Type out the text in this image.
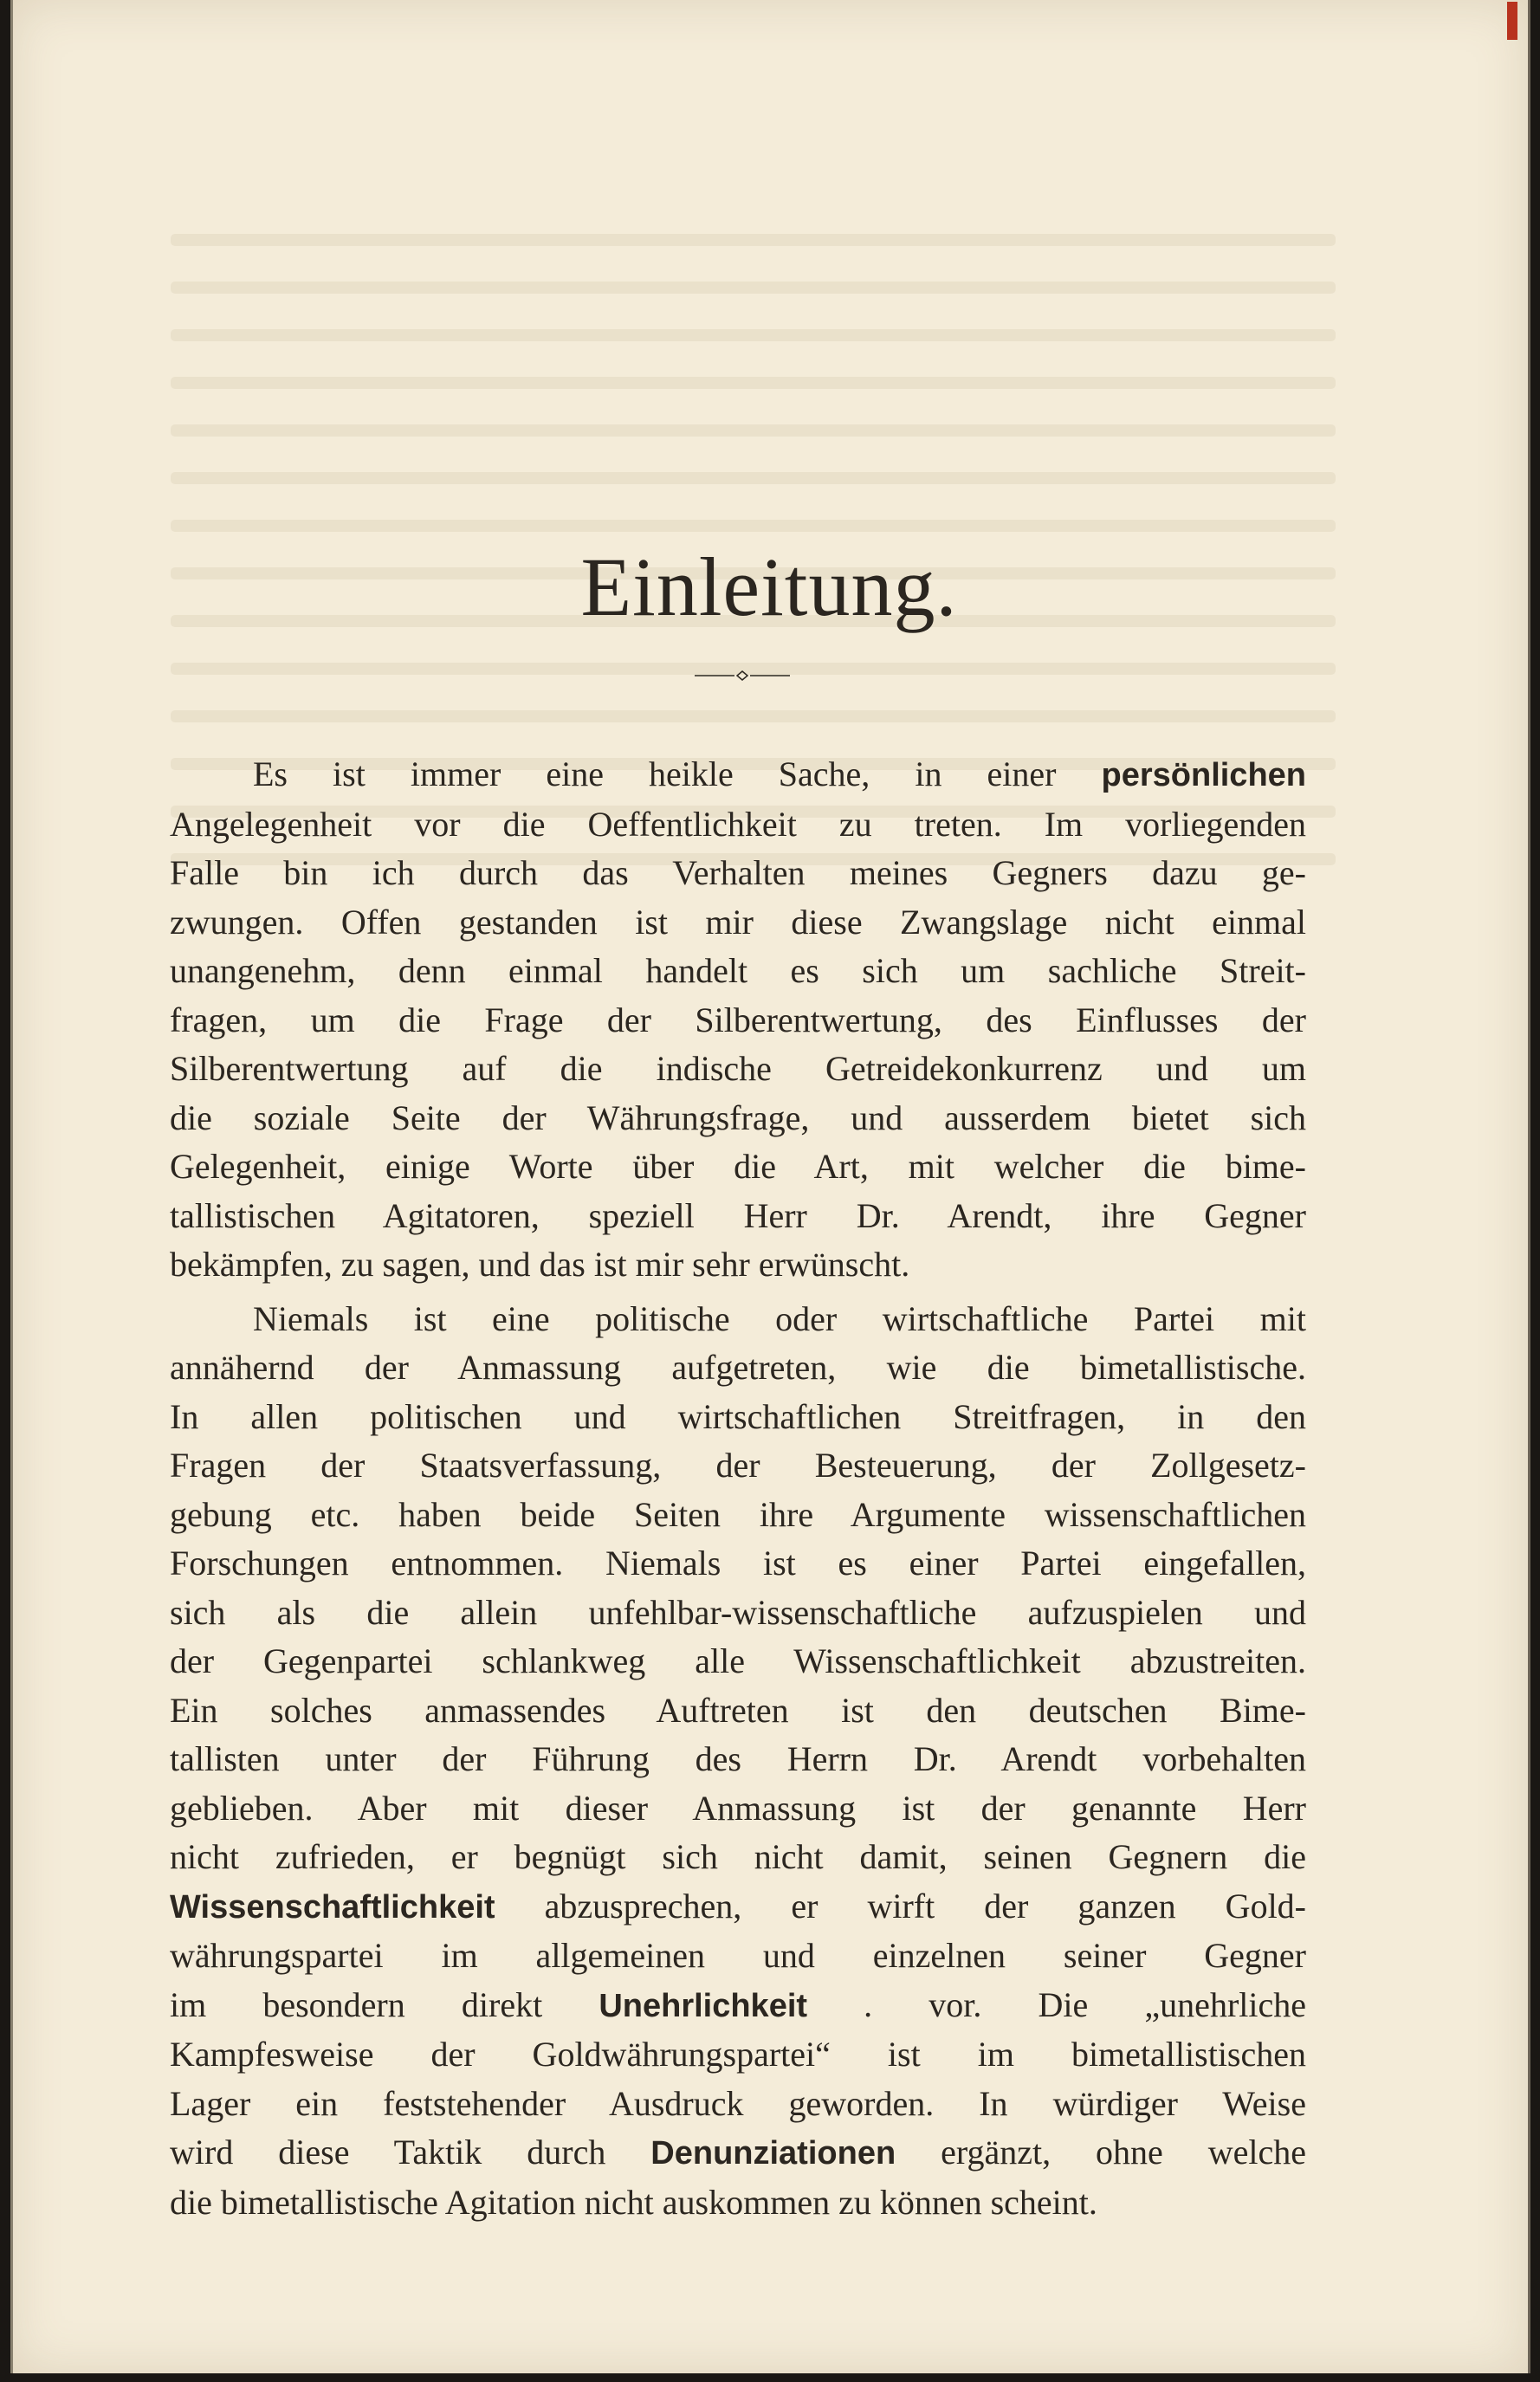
Einleitung.

Es ist immer eine heikle Sache, in einer persönlichen

Angelegenheit vor die Oeffentlichkeit zu treten. Im vorliegenden

Falle bin ich durch das Verhalten meines Gegners dazu ge-

zwungen. Offen gestanden ist mir diese Zwangslage nicht einmal

unangenehm, denn einmal handelt es sich um sachliche Streit-

fragen, um die Frage der Silberentwertung, des Einflusses der

Silberentwertung auf die indische Getreidekonkurrenz und um

die soziale Seite der Währungsfrage, und ausserdem bietet sich

Gelegenheit, einige Worte über die Art, mit welcher die bime-

tallistischen Agitatoren, speziell Herr Dr. Arendt, ihre Gegner

bekämpfen, zu sagen, und das ist mir sehr erwünscht.

Niemals ist eine politische oder wirtschaftliche Partei mit

annähernd der Anmassung aufgetreten, wie die bimetallistische.

In allen politischen und wirtschaftlichen Streitfragen, in den

Fragen der Staatsverfassung, der Besteuerung, der Zollgesetz-

gebung etc. haben beide Seiten ihre Argumente wissenschaftlichen

Forschungen entnommen. Niemals ist es einer Partei eingefallen,

sich als die allein unfehlbar-wissenschaftliche aufzuspielen und

der Gegenpartei schlankweg alle Wissenschaftlichkeit abzustreiten.

Ein solches anmassendes Auftreten ist den deutschen Bime-

tallisten unter der Führung des Herrn Dr. Arendt vorbehalten

geblieben. Aber mit dieser Anmassung ist der genannte Herr

nicht zufrieden, er begnügt sich nicht damit, seinen Gegnern die

Wissenschaftlichkeit abzusprechen, er wirft der ganzen Gold-

währungspartei im allgemeinen und einzelnen seiner Gegner

im besondern direkt Unehrlichkeit . vor. Die „unehrliche

Kampfesweise der Goldwährungspartei“ ist im bimetallistischen

Lager ein feststehender Ausdruck geworden. In würdiger Weise

wird diese Taktik durch Denunziationen ergänzt, ohne welche

die bimetallistische Agitation nicht auskommen zu können scheint.
